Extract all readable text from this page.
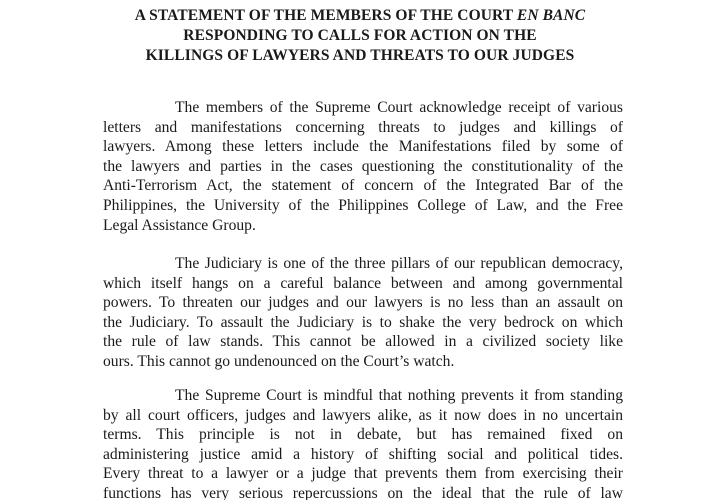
A STATEMENT OF THE MEMBERS OF THE COURT EN BANC
RESPONDING TO CALLS FOR ACTION ON THE
KILLINGS OF LAWYERS AND THREATS TO OUR JUDGES
The members of the Supreme Court acknowledge receipt of various
letters and manifestations concerning threats to judges and killings of
lawyers. Among these letters include the Manifestations filed by some of
the lawyers and parties in the cases questioning the constitutionality of the
Anti-Terrorism Act, the statement of concern of the Integrated Bar of the
Philippines, the University of the Philippines College of Law, and the Free
Legal Assistance Group.
The Judiciary is one of the three pillars of our republican democracy,
which itself hangs on a careful balance between and among governmental
powers. To threaten our judges and our lawyers is no less than an assault on
the Judiciary. To assault the Judiciary is to shake the very bedrock on which
the rule of law stands. This cannot be allowed in a civilized society like
ours. This cannot go undenounced on the Court’s watch.
The Supreme Court is mindful that nothing prevents it from standing
by all court officers, judges and lawyers alike, as it now does in no uncertain
terms. This principle is not in debate, but has remained fixed on
administering justice amid a history of shifting social and political tides.
Every threat to a lawyer or a judge that prevents them from exercising their
functions has very serious repercussions on the ideal that the rule of law
